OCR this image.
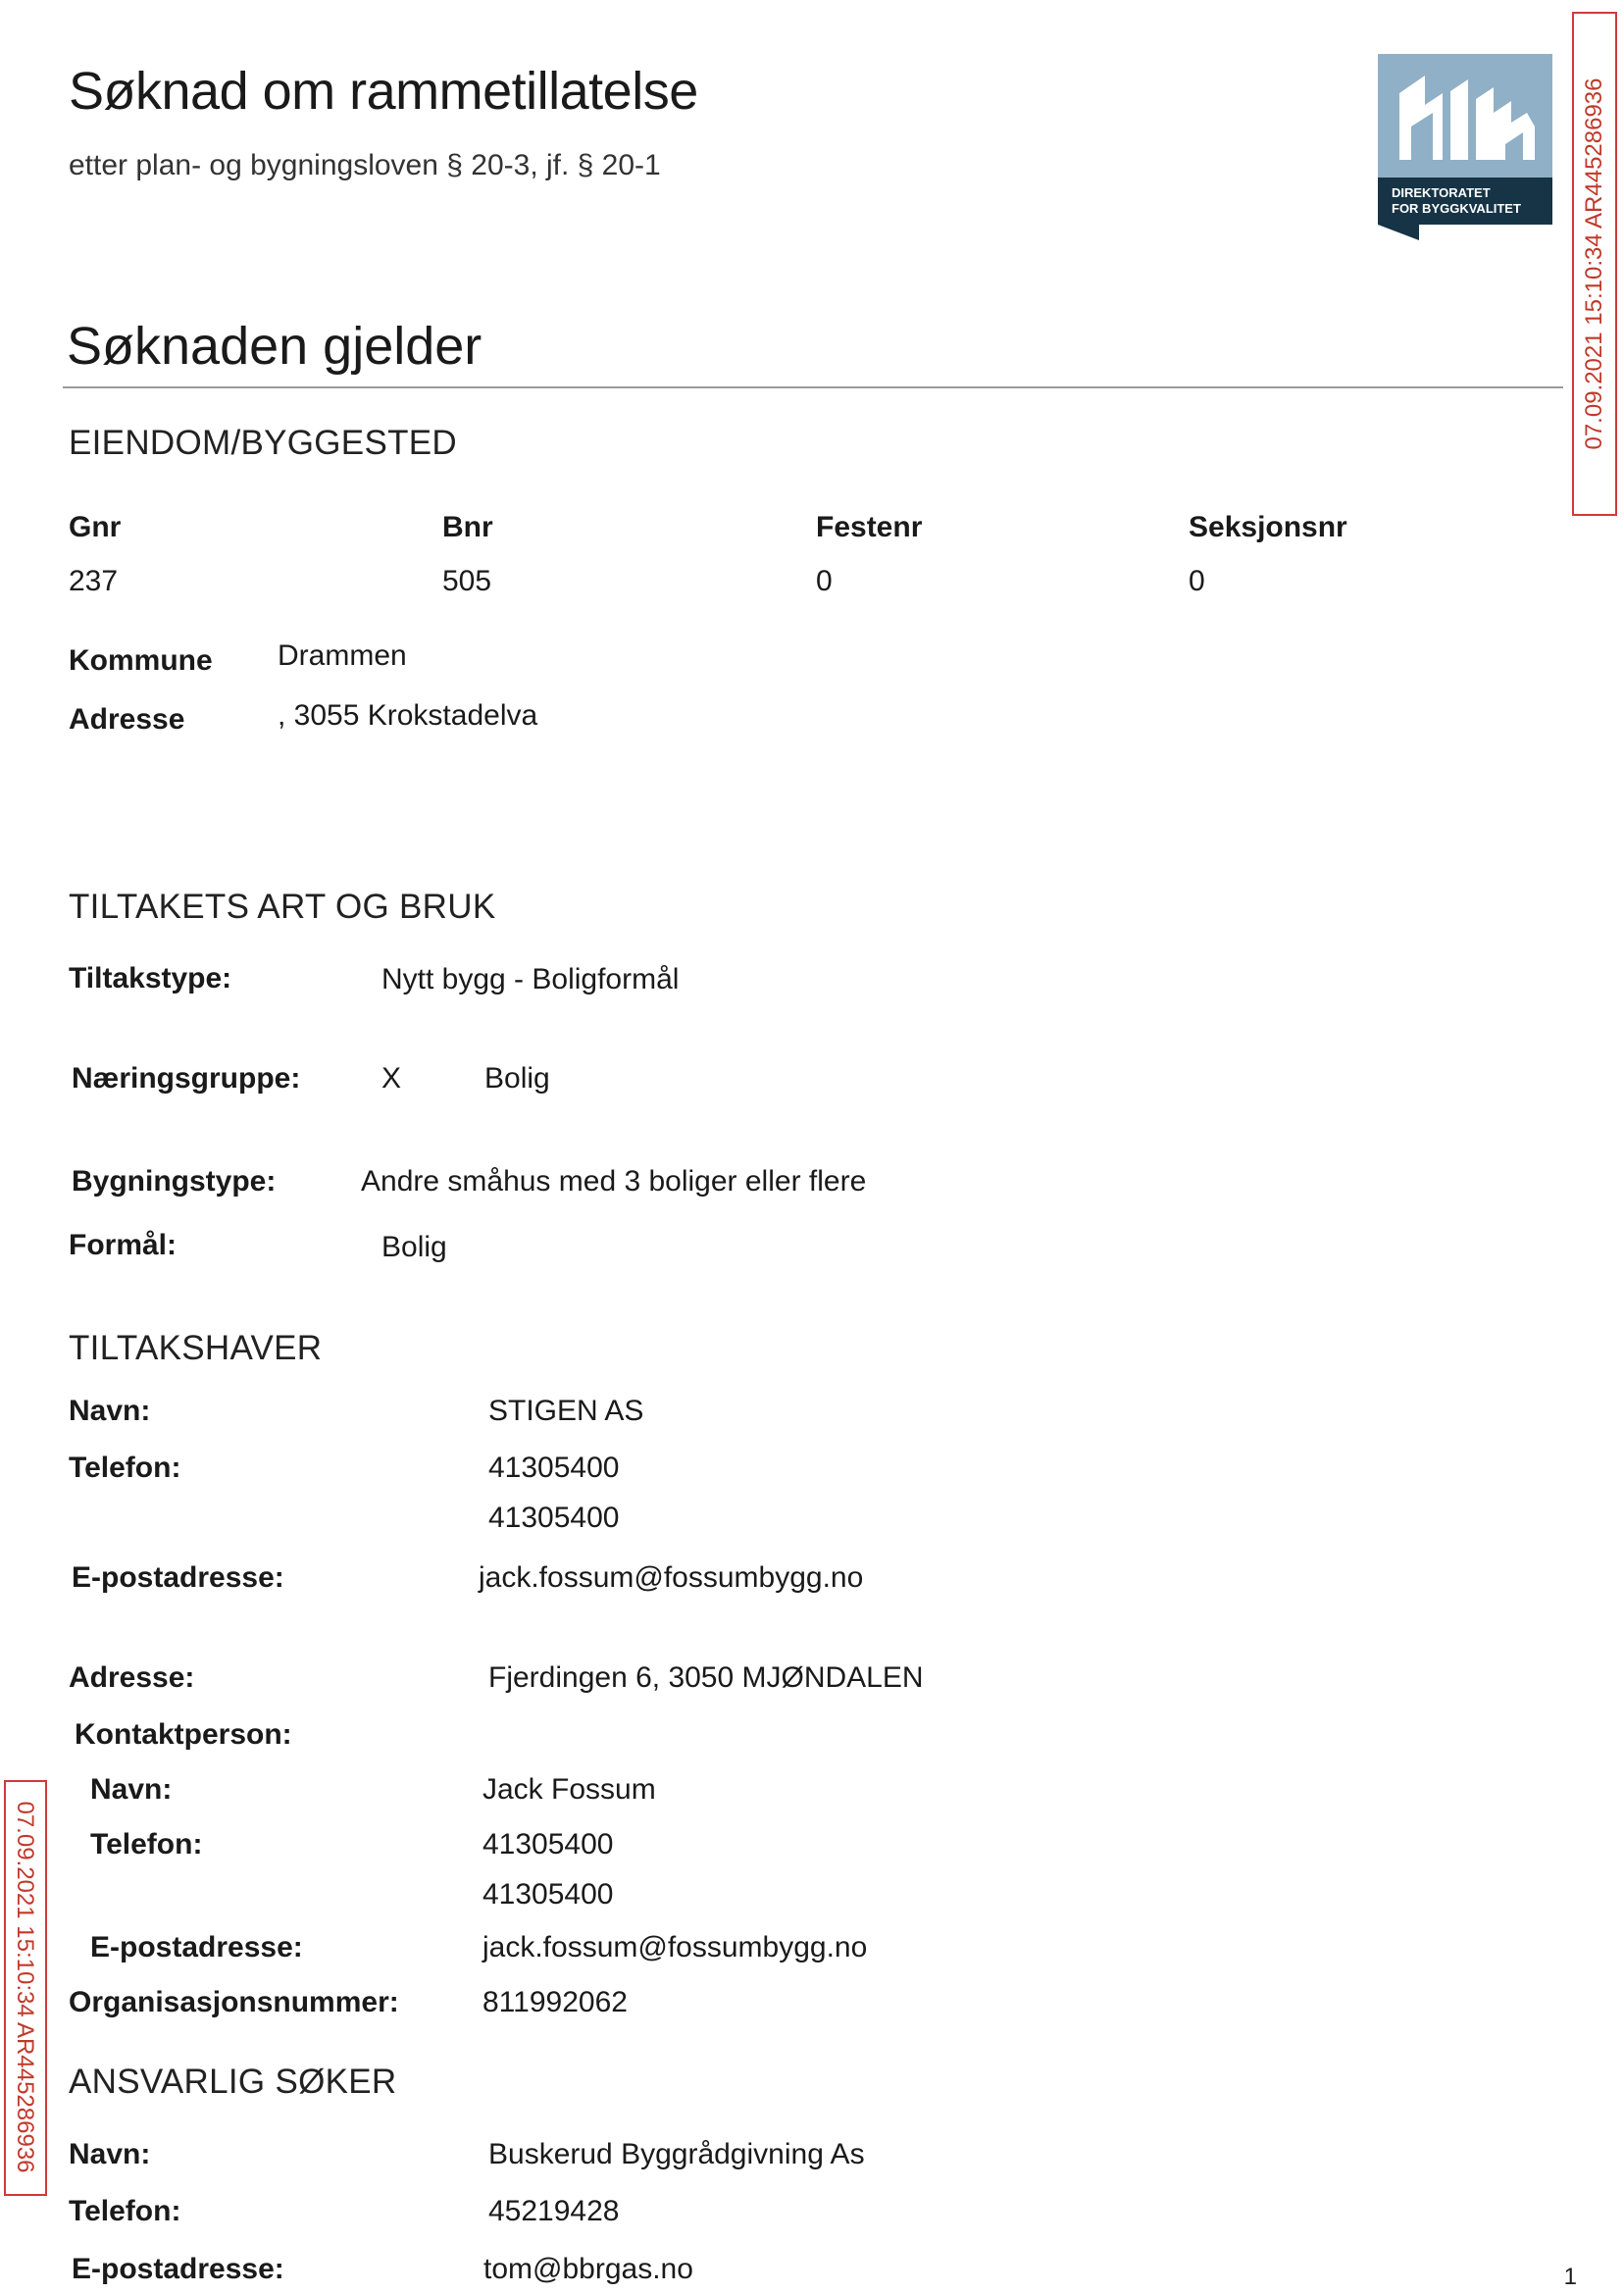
Søknad om rammetillatelse
etter plan- og bygningsloven § 20-3, jf. § 20-1
DIREKTORATET
FOR BYGGKVALITET	07.09.2021 15:10:34 AR445286936
07.09.2021 15:10:34 AR445286936
Søknaden gjelder
EIENDOM/BYGGESTED
Gnr	Bnr	Festenr	Seksjonsnr
237	505	0	0
Kommune Drammen
Adresse	, 3055 Krokstadelva
TILTAKETS ART OG BRUK
Tiltakstype:	Nytt bygg - Boligformål
Næringsgruppe:	X	Bolig
Bygningstype:	Andre småhus med 3 boliger eller flere
Formål:	Bolig
TILTAKSHAVER
Navn:	STIGEN AS
Telefon:	41305400
41305400
E-postadresse:	jack.fossum@fossumbygg.no
Adresse:	Fjerdingen 6, 3050 MJØNDALEN
Kontaktperson:
Navn:	Jack Fossum
Telefon:	41305400
41305400
E-postadresse:	jack.fossum@fossumbygg.no
Organisasjonsnummer:	811992062
ANSVARLIG SØKER
Navn:	Buskerud Byggrådgivning As
Telefon:	45219428
E-postadresse:	tom@bbrgas.no	1
